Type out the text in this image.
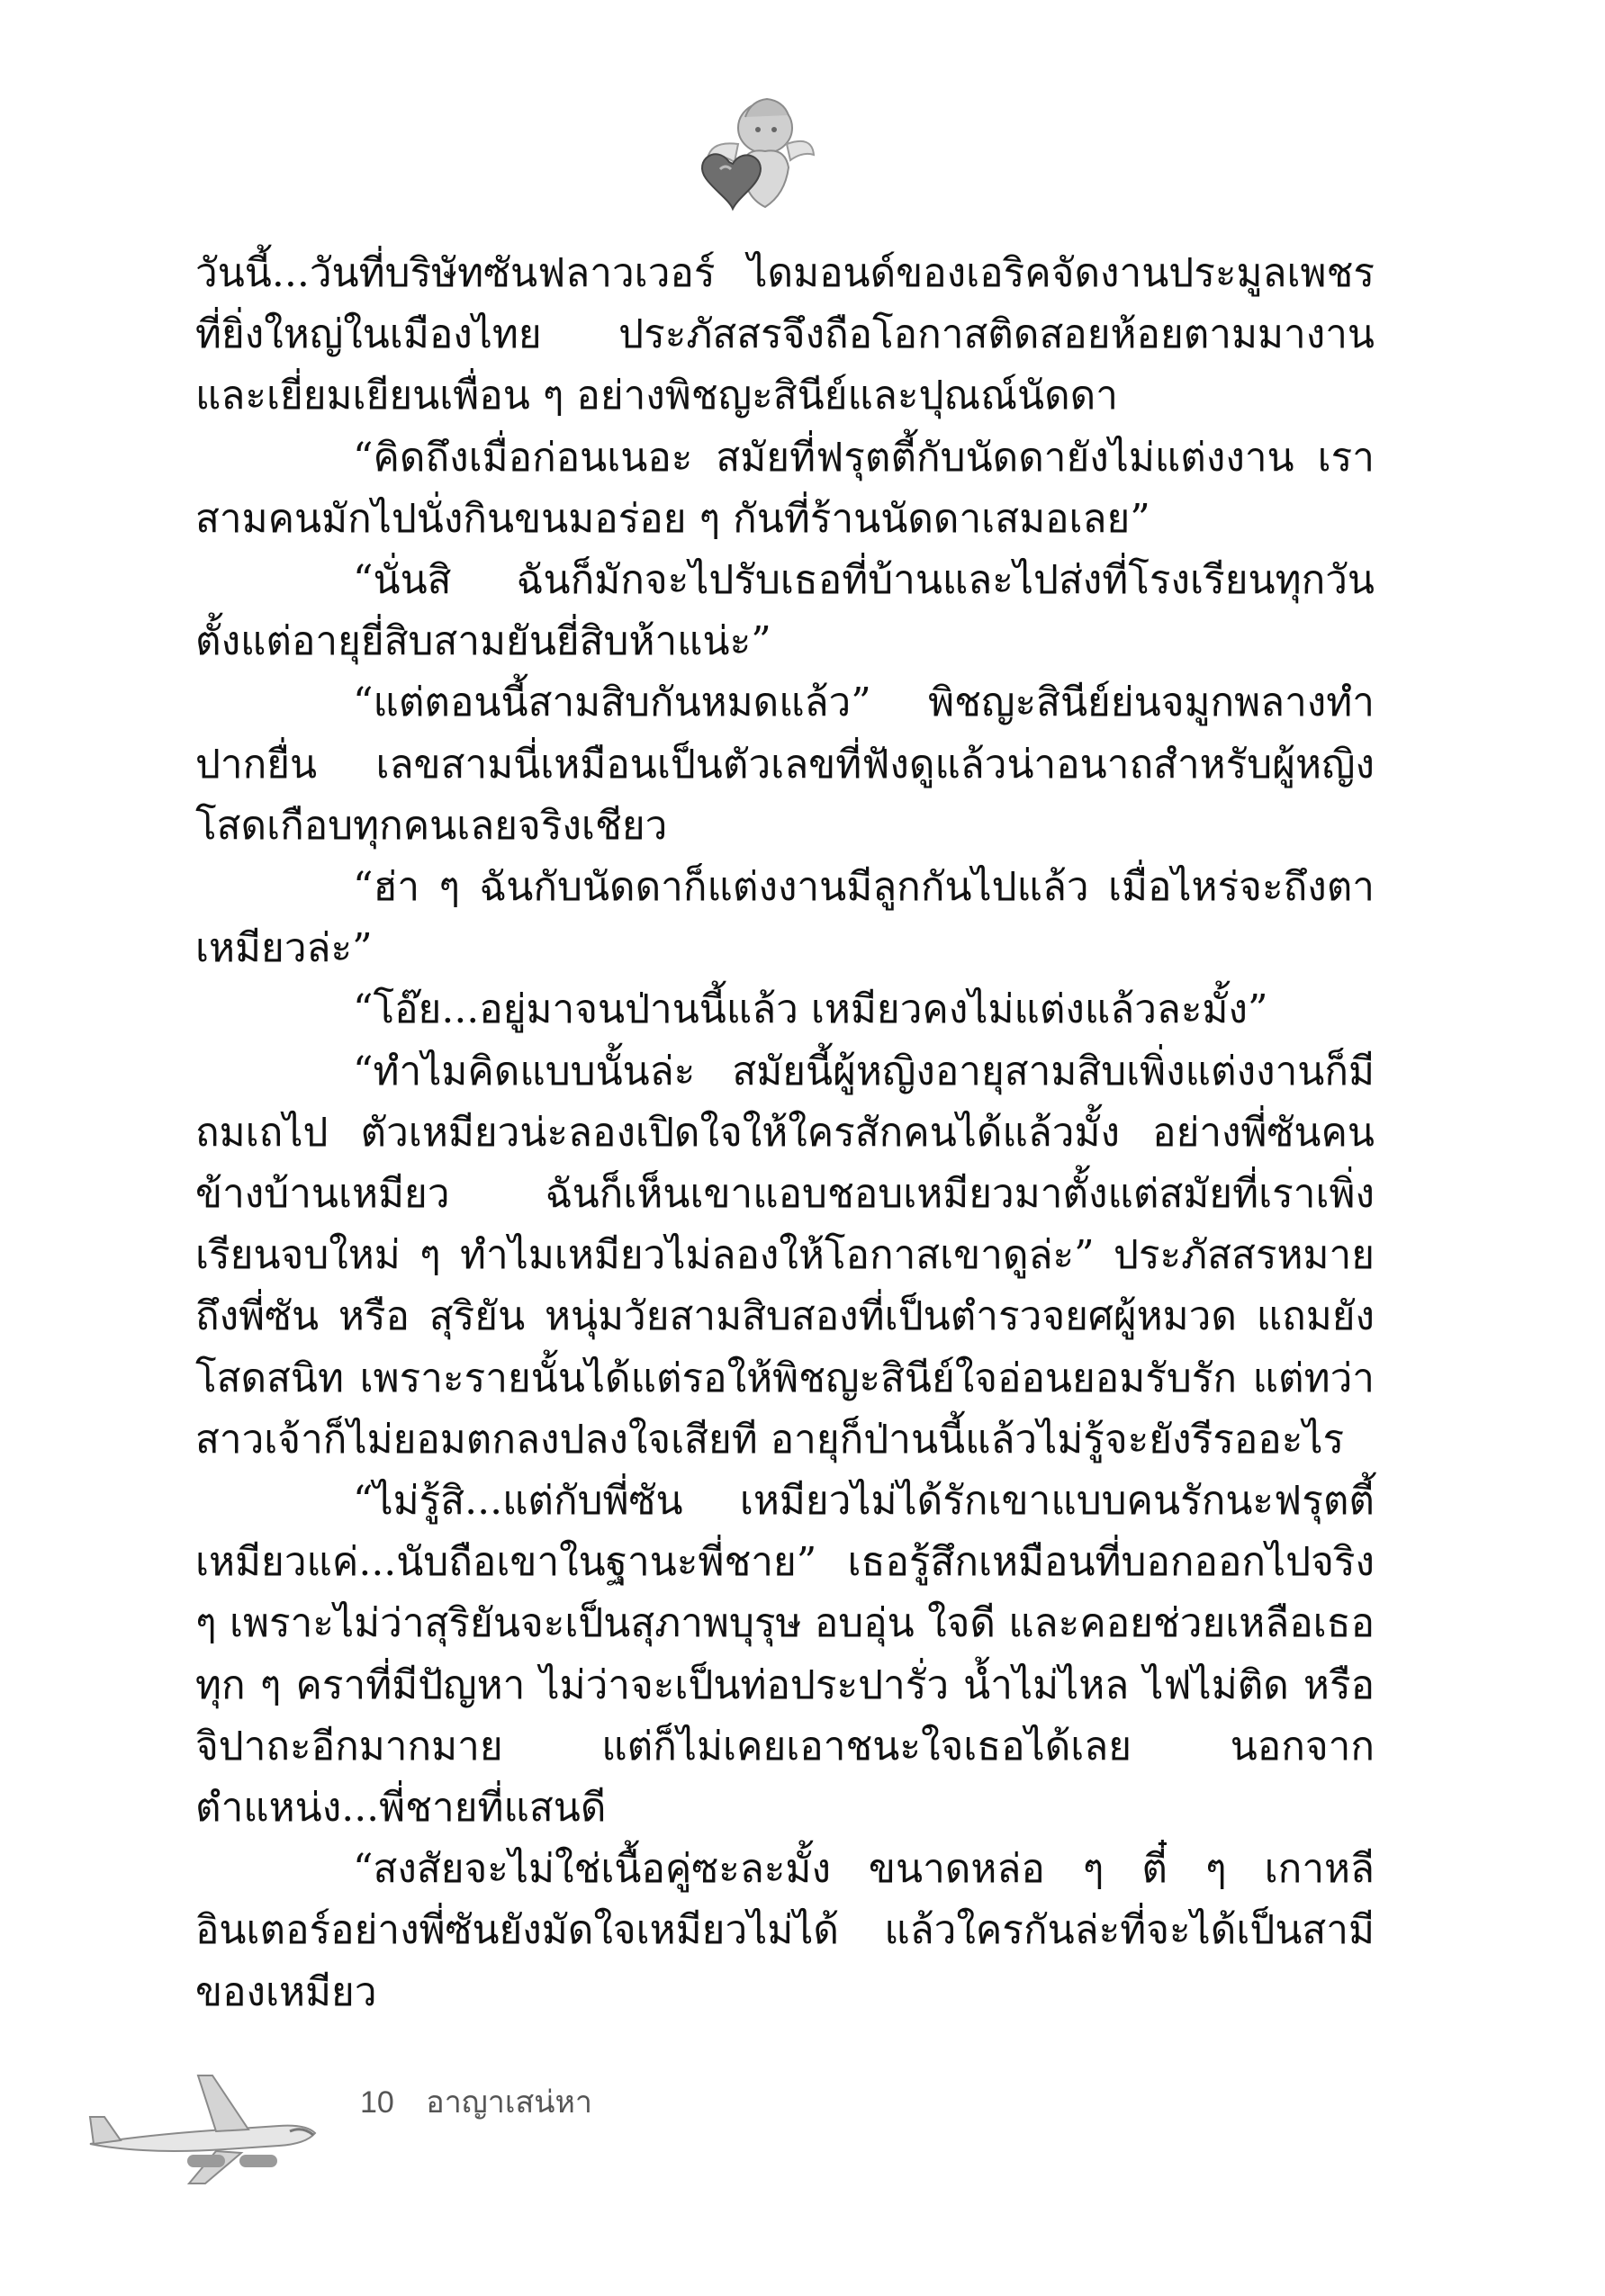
วันนี้...วันที่บริษัทซันฟลาวเวอร์ ไดมอนด์ของเอริคจัดงานประมูลเพชรที่ยิ่งใหญ่ในเมืองไทย ประภัสสรจึงถือโอกาสติดสอยห้อยตามมางานและเยี่ยมเยียนเพื่อน ๆ อย่างพิชญะสินีย์และปุณณ์นัดดา

“คิดถึงเมื่อก่อนเนอะ สมัยที่ฟรุตตี้กับนัดดายังไม่แต่งงาน เราสามคนมักไปนั่งกินขนมอร่อย ๆ กันที่ร้านนัดดาเสมอเลย”

“นั่นสิ ฉันก็มักจะไปรับเธอที่บ้านและไปส่งที่โรงเรียนทุกวันตั้งแต่อายุยี่สิบสามยันยี่สิบห้าแน่ะ”

“แต่ตอนนี้สามสิบกันหมดแล้ว” พิชญะสินีย์ย่นจมูกพลางทำปากยื่น เลขสามนี่เหมือนเป็นตัวเลขที่ฟังดูแล้วน่าอนาถสำหรับผู้หญิงโสดเกือบทุกคนเลยจริงเชียว

“ฮ่า ๆ ฉันกับนัดดาก็แต่งงานมีลูกกันไปแล้ว เมื่อไหร่จะถึงตาเหมียวล่ะ”

“โอ๊ย...อยู่มาจนป่านนี้แล้ว เหมียวคงไม่แต่งแล้วละมั้ง”

“ทำไมคิดแบบนั้นล่ะ สมัยนี้ผู้หญิงอายุสามสิบเพิ่งแต่งงานก็มีถมเถไป ตัวเหมียวน่ะลองเปิดใจให้ใครสักคนได้แล้วมั้ง อย่างพี่ซันคนข้างบ้านเหมียว ฉันก็เห็นเขาแอบชอบเหมียวมาตั้งแต่สมัยที่เราเพิ่งเรียนจบใหม่ ๆ ทำไมเหมียวไม่ลองให้โอกาสเขาดูล่ะ” ประภัสสรหมายถึงพี่ซัน หรือ สุริยัน หนุ่มวัยสามสิบสองที่เป็นตำรวจยศผู้หมวด แถมยังโสดสนิท เพราะรายนั้นได้แต่รอให้พิชญะสินีย์ใจอ่อนยอมรับรัก แต่ทว่าสาวเจ้าก็ไม่ยอมตกลงปลงใจเสียที อายุก็ป่านนี้แล้วไม่รู้จะยังรีรออะไร

“ไม่รู้สิ...แต่กับพี่ซัน เหมียวไม่ได้รักเขาแบบคนรักนะฟรุตตี้ เหมียวแค่...นับถือเขาในฐานะพี่ชาย” เธอรู้สึกเหมือนที่บอกออกไปจริง ๆ เพราะไม่ว่าสุริยันจะเป็นสุภาพบุรุษ อบอุ่น ใจดี และคอยช่วยเหลือเธอทุก ๆ คราที่มีปัญหา ไม่ว่าจะเป็นท่อประปารั่ว น้ำไม่ไหล ไฟไม่ติด หรือจิปาถะอีกมากมาย แต่ก็ไม่เคยเอาชนะใจเธอได้เลย นอกจากตำแหน่ง...พี่ชายที่แสนดี

“สงสัยจะไม่ใช่เนื้อคู่ซะละมั้ง ขนาดหล่อ ๆ ตี๋ ๆ เกาหลีอินเตอร์อย่างพี่ซันยังมัดใจเหมียวไม่ได้ แล้วใครกันล่ะที่จะได้เป็นสามีของเหมียว

10 อาญาเสน่หา
